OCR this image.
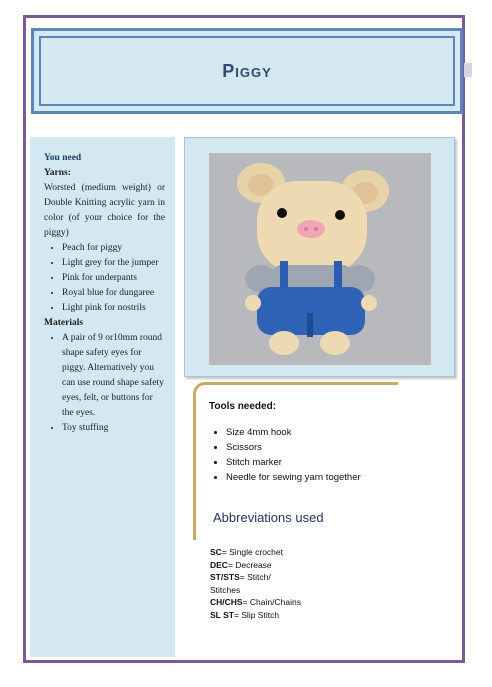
Piggy
You need
Yarns:

Worsted (medium weight) or Double Knitting acrylic yarn in color (of your choice for the piggy)

• Peach for piggy
• Light grey for the jumper
• Pink for underpants
• Royal blue for dungaree
• Light pink for nostrils
Materials
• A pair of 9 or10mm round shape safety eyes for piggy. Alternatively you can use round shape safety eyes, felt, or buttons for the eyes.
• Toy stuffing
Tools needed:
• Size 4mm hook
• Scissors
• Stitch marker
• Needle for sewing yarn together
Abbreviations used
SC= Single crochet
DEC= Decrease
ST/STS= Stitch/ Stitches
CH/CHS= Chain/Chains
SL ST= Slip Stitch
